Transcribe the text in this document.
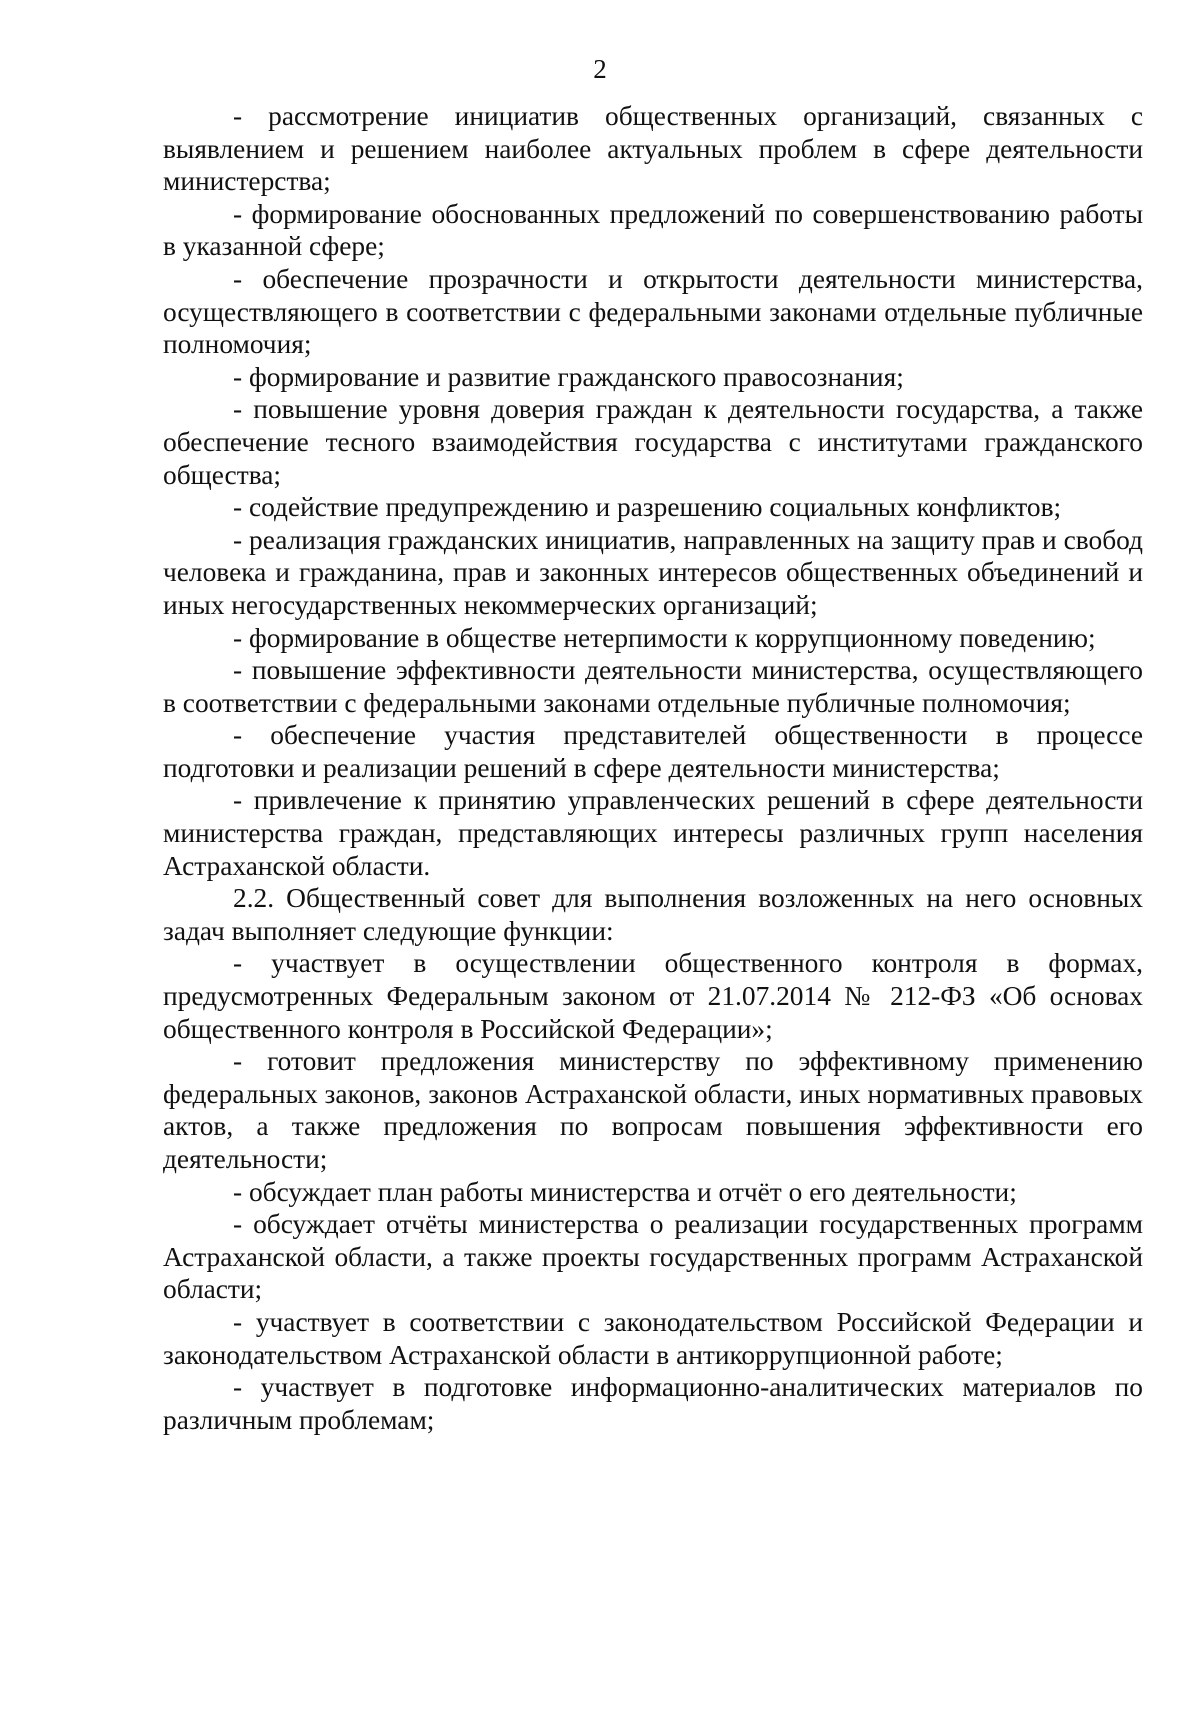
2

- рассмотрение инициатив общественных организаций, связанных с выявлением и решением наиболее актуальных проблем в сфере деятельности министерства;

- формирование обоснованных предложений по совершенствованию работы в указанной сфере;

- обеспечение прозрачности и открытости деятельности министерства, осуществляющего в соответствии с федеральными законами отдельные публичные полномочия;

- формирование и развитие гражданского правосознания;

- повышение уровня доверия граждан к деятельности государства, а также обеспечение тесного взаимодействия государства с институтами гражданского общества;

- содействие предупреждению и разрешению социальных конфликтов;

- реализация гражданских инициатив, направленных на защиту прав и свобод человека и гражданина, прав и законных интересов общественных объединений и иных негосударственных некоммерческих организаций;

- формирование в обществе нетерпимости к коррупционному поведению;

- повышение эффективности деятельности министерства, осуществляющего в соответствии с федеральными законами отдельные публичные полномочия;

- обеспечение участия представителей общественности в процессе подготовки и реализации решений в сфере деятельности министерства;

- привлечение к принятию управленческих решений в сфере деятельности министерства граждан, представляющих интересы различных групп населения Астраханской области.

2.2. Общественный совет для выполнения возложенных на него основных задач выполняет следующие функции:

- участвует в осуществлении общественного контроля в формах, предусмотренных Федеральным законом от 21.07.2014 № 212-ФЗ «Об основах общественного контроля в Российской Федерации»;

- готовит предложения министерству по эффективному применению федеральных законов, законов Астраханской области, иных нормативных правовых актов, а также предложения по вопросам повышения эффективности его деятельности;

- обсуждает план работы министерства и отчёт о его деятельности;

- обсуждает отчёты министерства о реализации государственных программ Астраханской области, а также проекты государственных программ Астраханской области;

- участвует в соответствии с законодательством Российской Федерации и законодательством Астраханской области в антикоррупционной работе;

- участвует в подготовке информационно-аналитических материалов по различным проблемам;
